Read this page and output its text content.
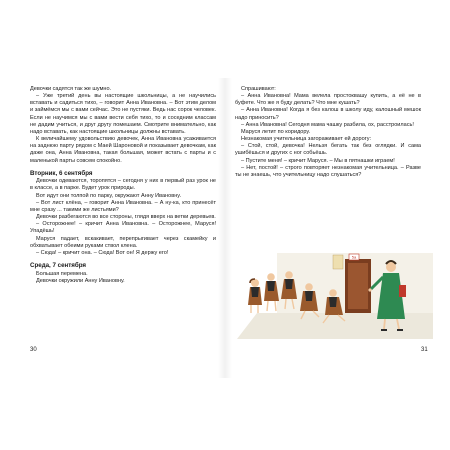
Девочки садятся так же шумно.

– Уже третий день вы настоящие школьницы, а не научились вставать и садиться тихо, – говорит Анна Ивановна. – Вот этим делом и займёмся мы с вами сейчас. Это не пустяки. Ведь нас сорок человек. Если не научимся мы с вами вести себя тихо, то и соседним классам не дадим учиться, и друг другу помешаем. Смотрите внимательно, как надо вставать, как настоящие школьницы должны вставать.

К величайшему удовольствию девочек, Анна Ивановна усаживается на заднюю парту рядом с Маей Шароновой и показывает девочкам, как даже она, Анна Ивановна, такая большая, может встать с парты и с маленькой парты совсем спокойно.

Вторник, 6 сентября

Девочки одеваются, торопятся – сегодня у них в первый раз урок не в классе, а в парке. Будет урок природы.

Вот идут они толпой по парку, окружают Анну Ивановну.

– Вот лист клёна, – говорит Анна Ивановна. – А ну-ка, кто принесёт мне сразу ... такими же листьями?

Девочки разбегаются во все стороны, глядя вверх на ветки деревьев.

– Осторожнее! – кричит Анна Ивановна. – Осторожнее, Маруся! Упадёшь!

Маруся падает, вскакивает, перепрыгивает через скамейку и обхватывает обеими руками ствол клена.

– Сюда! – кричит она. – Сюда! Вот он! Я держу его!

Среда, 7 сентября

Большая перемена.

Девочки окружили Анну Ивановну.

30

Спрашивают:

– Анна Ивановна! Мама велела простоквашу купить, а её не в буфете. Что же я буду делать? Что мне кушать?

– Анна Ивановна! Когда я без калош в школу иду, калошный мешок надо приносить?

– Анна Ивановна! Сегодня мама чашку разбила, ох, расстроилась!

Маруся летит по коридору.

Незнакомая учительница загораживает ей дорогу:

– Стой, стой, девочка! Нельзя бегать так без оглядки. И сама ушибёшься и других с ног собьёшь.

– Пустите меня! – кричит Маруся. – Мы в пятнашки играем!

– Нет, постой! – строго повторяет незнакомая учительница. – Разве ты не знаешь, что учительницу надо слушаться?

5а
31
